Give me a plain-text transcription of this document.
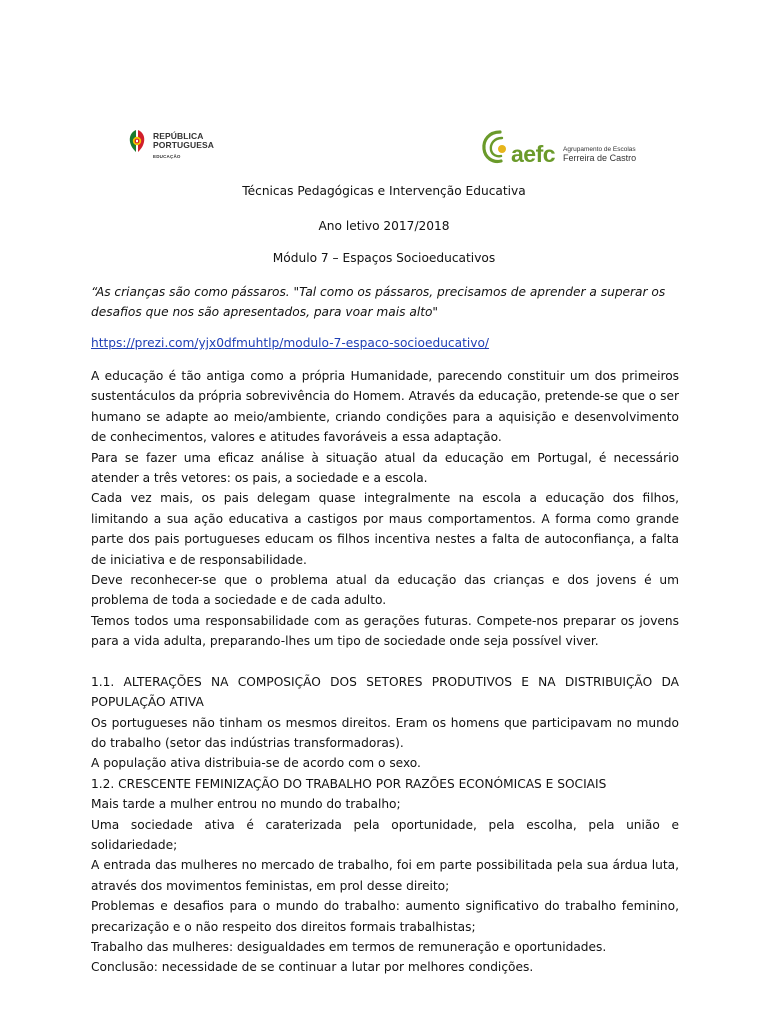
REPÚBLICA
PORTUGUESA
EDUCAÇÃO	aefc Agrupamento de Escolas
Ferreira de Castro
Técnicas Pedagógicas e Intervenção Educativa
Ano letivo 2017/2018
Módulo 7 – Espaços Socioeducativos
“As crianças são como pássaros. "Tal como os pássaros, precisamos de aprender a superar os desafios que nos são apresentados, para voar mais alto"
https://prezi.com/yjx0dfmuhtlp/modulo-7-espaco-socioeducativo/

A educação é tão antiga como a própria Humanidade, parecendo constituir um dos primeiros sustentáculos da própria sobrevivência do Homem. Através da educação, pretende-se que o ser humano se adapte ao meio/ambiente, criando condições para a aquisição e desenvolvimento de conhecimentos, valores e atitudes favoráveis a essa adaptação.

Para se fazer uma eficaz análise à situação atual da educação em Portugal, é necessário atender a três vetores: os pais, a sociedade e a escola.

Cada vez mais, os pais delegam quase integralmente na escola a educação dos filhos, limitando a sua ação educativa a castigos por maus comportamentos. A forma como grande parte dos pais portugueses educam os filhos incentiva nestes a falta de autoconfiança, a falta de iniciativa e de responsabilidade.

Deve reconhecer-se que o problema atual da educação das crianças e dos jovens é um problema de toda a sociedade e de cada adulto.

Temos todos uma responsabilidade com as gerações futuras. Compete-nos preparar os jovens para a vida adulta, preparando-lhes um tipo de sociedade onde seja possível viver.

1.1. ALTERAÇÕES NA COMPOSIÇÃO DOS SETORES PRODUTIVOS E NA DISTRIBUIÇÃO DA POPULAÇÃO ATIVA

Os portugueses não tinham os mesmos direitos. Eram os homens que participavam no mundo do trabalho (setor das indústrias transformadoras).

A população ativa distribuia-se de acordo com o sexo.

1.2. CRESCENTE FEMINIZAÇÃO DO TRABALHO POR RAZÕES ECONÓMICAS E SOCIAIS

Mais tarde a mulher entrou no mundo do trabalho;

Uma sociedade ativa é caraterizada pela oportunidade, pela escolha, pela união e solidariedade;

A entrada das mulheres no mercado de trabalho, foi em parte possibilitada pela sua árdua luta, através dos movimentos feministas, em prol desse direito;

Problemas e desafios para o mundo do trabalho: aumento significativo do trabalho feminino, precarização e o não respeito dos direitos formais trabalhistas;

Trabalho das mulheres: desigualdades em termos de remuneração e oportunidades.

Conclusão: necessidade de se continuar a lutar por melhores condições.
